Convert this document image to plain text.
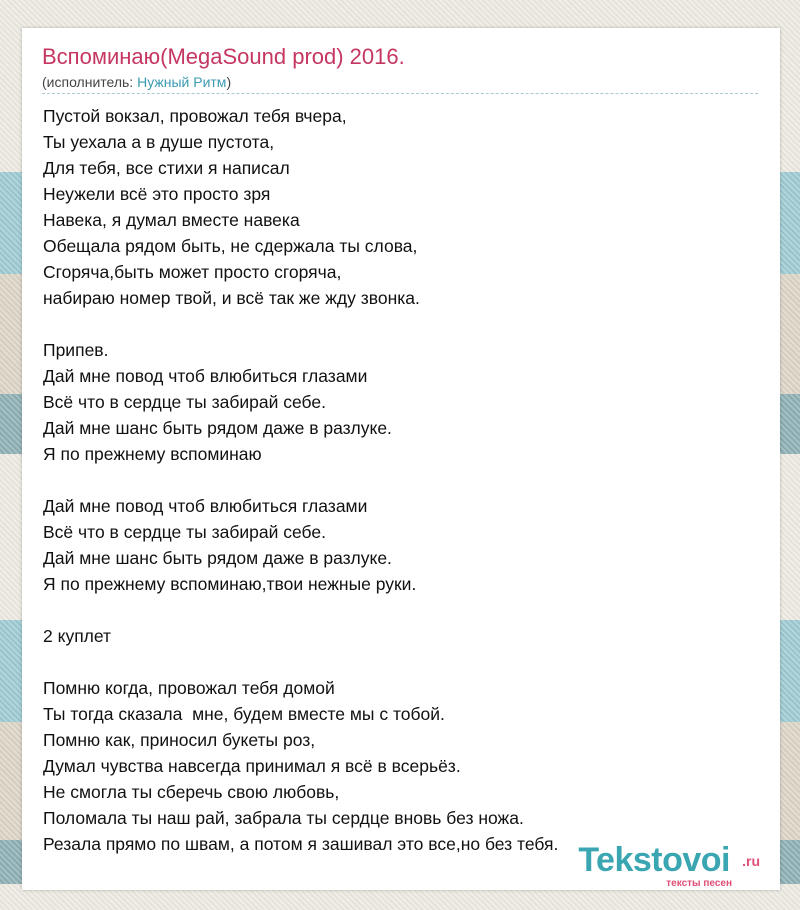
Вспоминаю(MegaSound prod) 2016.
(исполнитель: Нужный Ритм)
Пустой вокзал, провожал тебя вчера,
Ты уехала а в душе пустота,
Для тебя, все стихи я написал
Неужели всё это просто зря
Навека, я думал вместе навека
Обещала рядом быть, не сдержала ты слова,
Сгоряча,быть может просто сгоряча,
набираю номер твой, и всё так же жду звонка.
Припев.
Дай мне повод чтоб влюбиться глазами
Всё что в сердце ты забирай себе.
Дай мне шанс быть рядом даже в разлуке.
Я по прежнему вспоминаю
Дай мне повод чтоб влюбиться глазами
Всё что в сердце ты забирай себе.
Дай мне шанс быть рядом даже в разлуке.
Я по прежнему вспоминаю,твои нежные руки.
2 куплет
Помню когда, провожал тебя домой
Ты тогда сказала  мне, будем вместе мы с тобой.
Помню как, приносил букеты роз,
Думал чувства навсегда принимал я всё в всерьёз.
Не смогла ты сберечь свою любовь,
Поломала ты наш рай, забрала ты сердце вновь без ножа.
Резала прямо по швам, а потом я зашивал это все,но без тебя. Tekstovoi .ru
тексты песен
